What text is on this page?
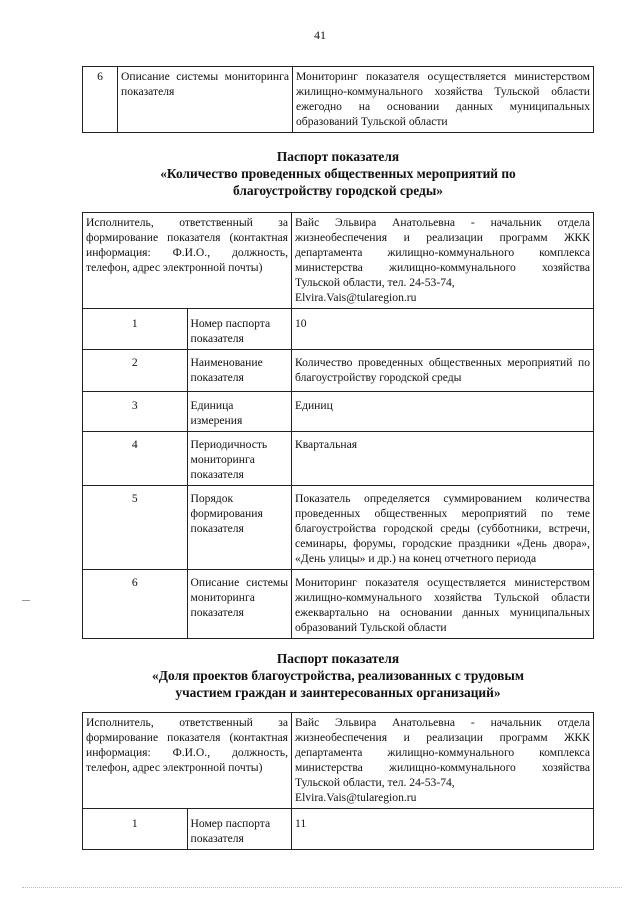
41
6	Описание системы мониторинга показателя	Мониторинг показателя осуществляется министерством жилищно-коммунального хозяйства Тульской области ежегодно на основании данных муниципальных образований Тульской области
Паспорт показателя
«Количество проведенных общественных мероприятий по благоустройству городской среды»
Исполнитель, ответственный за формирование показателя (контактная информация: Ф.И.О., должность, телефон, адрес электронной почты)		Вайс Эльвира Анатольевна - начальник отдела жизнеобеспечения и реализации программ ЖКК департамента жилищно-коммунального комплекса министерства жилищно-коммунального хозяйства Тульской области, тел. 24-53-74,
Elvira.Vais@tularegion.ru
1	Номер паспорта показателя	10
2	Наименование показателя	Количество проведенных общественных мероприятий по благоустройству городской среды
3	Единица измерения	Единиц
4	Периодичность мониторинга показателя	Квартальная
5	Порядок формирования показателя	Показатель определяется суммированием количества проведенных общественных мероприятий по теме благоустройства городской среды (субботники, встречи, семинары, форумы, городские праздники «День двора», «День улицы» и др.) на конец отчетного периода
6	Описание системы мониторинга показателя	Мониторинг показателя осуществляется министерством жилищно-коммунального хозяйства Тульской области ежеквартально на основании данных муниципальных образований Тульской области
Паспорт показателя
«Доля проектов благоустройства, реализованных с трудовым участием граждан и заинтересованных организаций»
Исполнитель, ответственный за формирование показателя (контактная информация: Ф.И.О., должность, телефон, адрес электронной почты)		Вайс Эльвира Анатольевна - начальник отдела жизнеобеспечения и реализации программ ЖКК департамента жилищно-коммунального комплекса министерства жилищно-коммунального хозяйства Тульской области, тел. 24-53-74,
Elvira.Vais@tularegion.ru
1	Номер паспорта показателя	11
